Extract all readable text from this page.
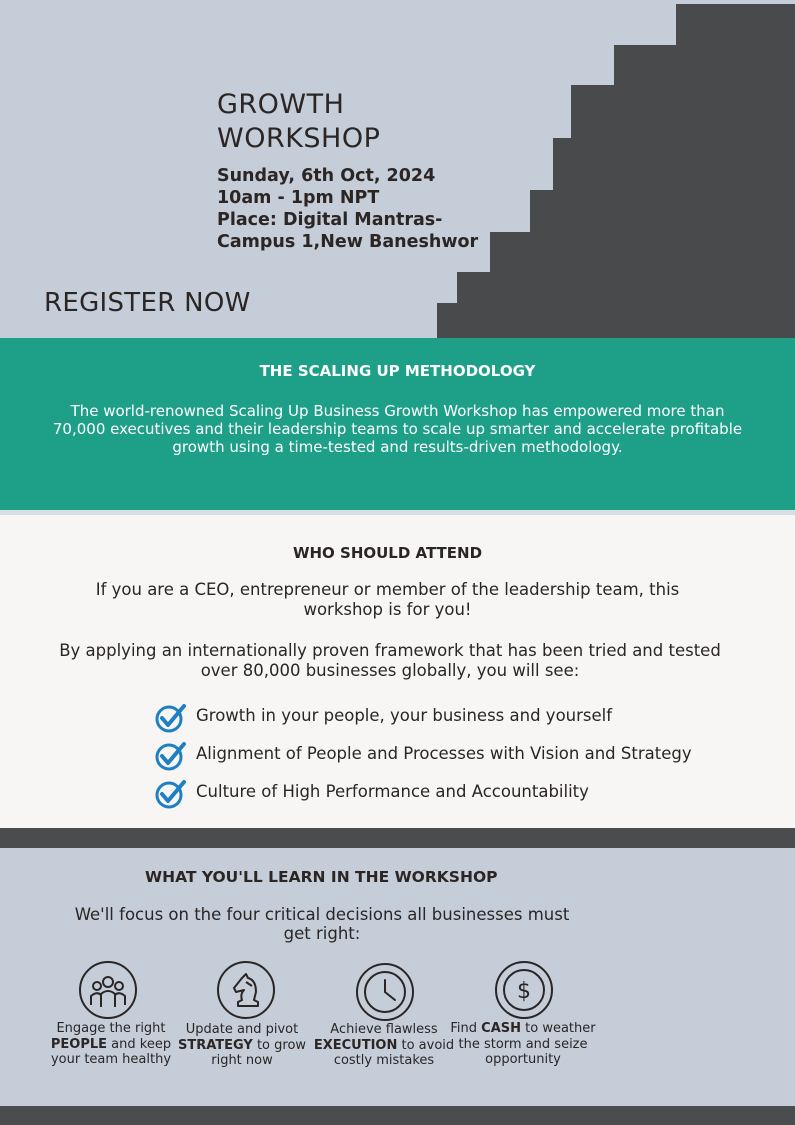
GROWTH
WORKSHOP
Sunday, 6th Oct, 2024
10am - 1pm NPT
Place: Digital Mantras-
Campus 1,New Baneshwor
REGISTER NOW
THE SCALING UP METHODOLOGY
The world-renowned Scaling Up Business Growth Workshop has empowered more than 70,000 executives and their leadership teams to scale up smarter and accelerate profitable growth using a time-tested and results-driven methodology.
WHO SHOULD ATTEND
If you are a CEO, entrepreneur or member of the leadership team, this workshop is for you!
By applying an internationally proven framework that has been tried and tested over 80,000 businesses globally, you will see:
Growth in your people, your business and yourself
Alignment of People and Processes with Vision and Strategy
Culture of High Performance and Accountability
WHAT YOU'LL LEARN IN THE WORKSHOP
We'll focus on the four critical decisions all businesses must get right:
Engage the right PEOPLE and keep your team healthy
Update and pivot STRATEGY to grow right now
Achieve flawless EXECUTION to avoid costly mistakes
$
Find CASH to weather the storm and seize opportunity
